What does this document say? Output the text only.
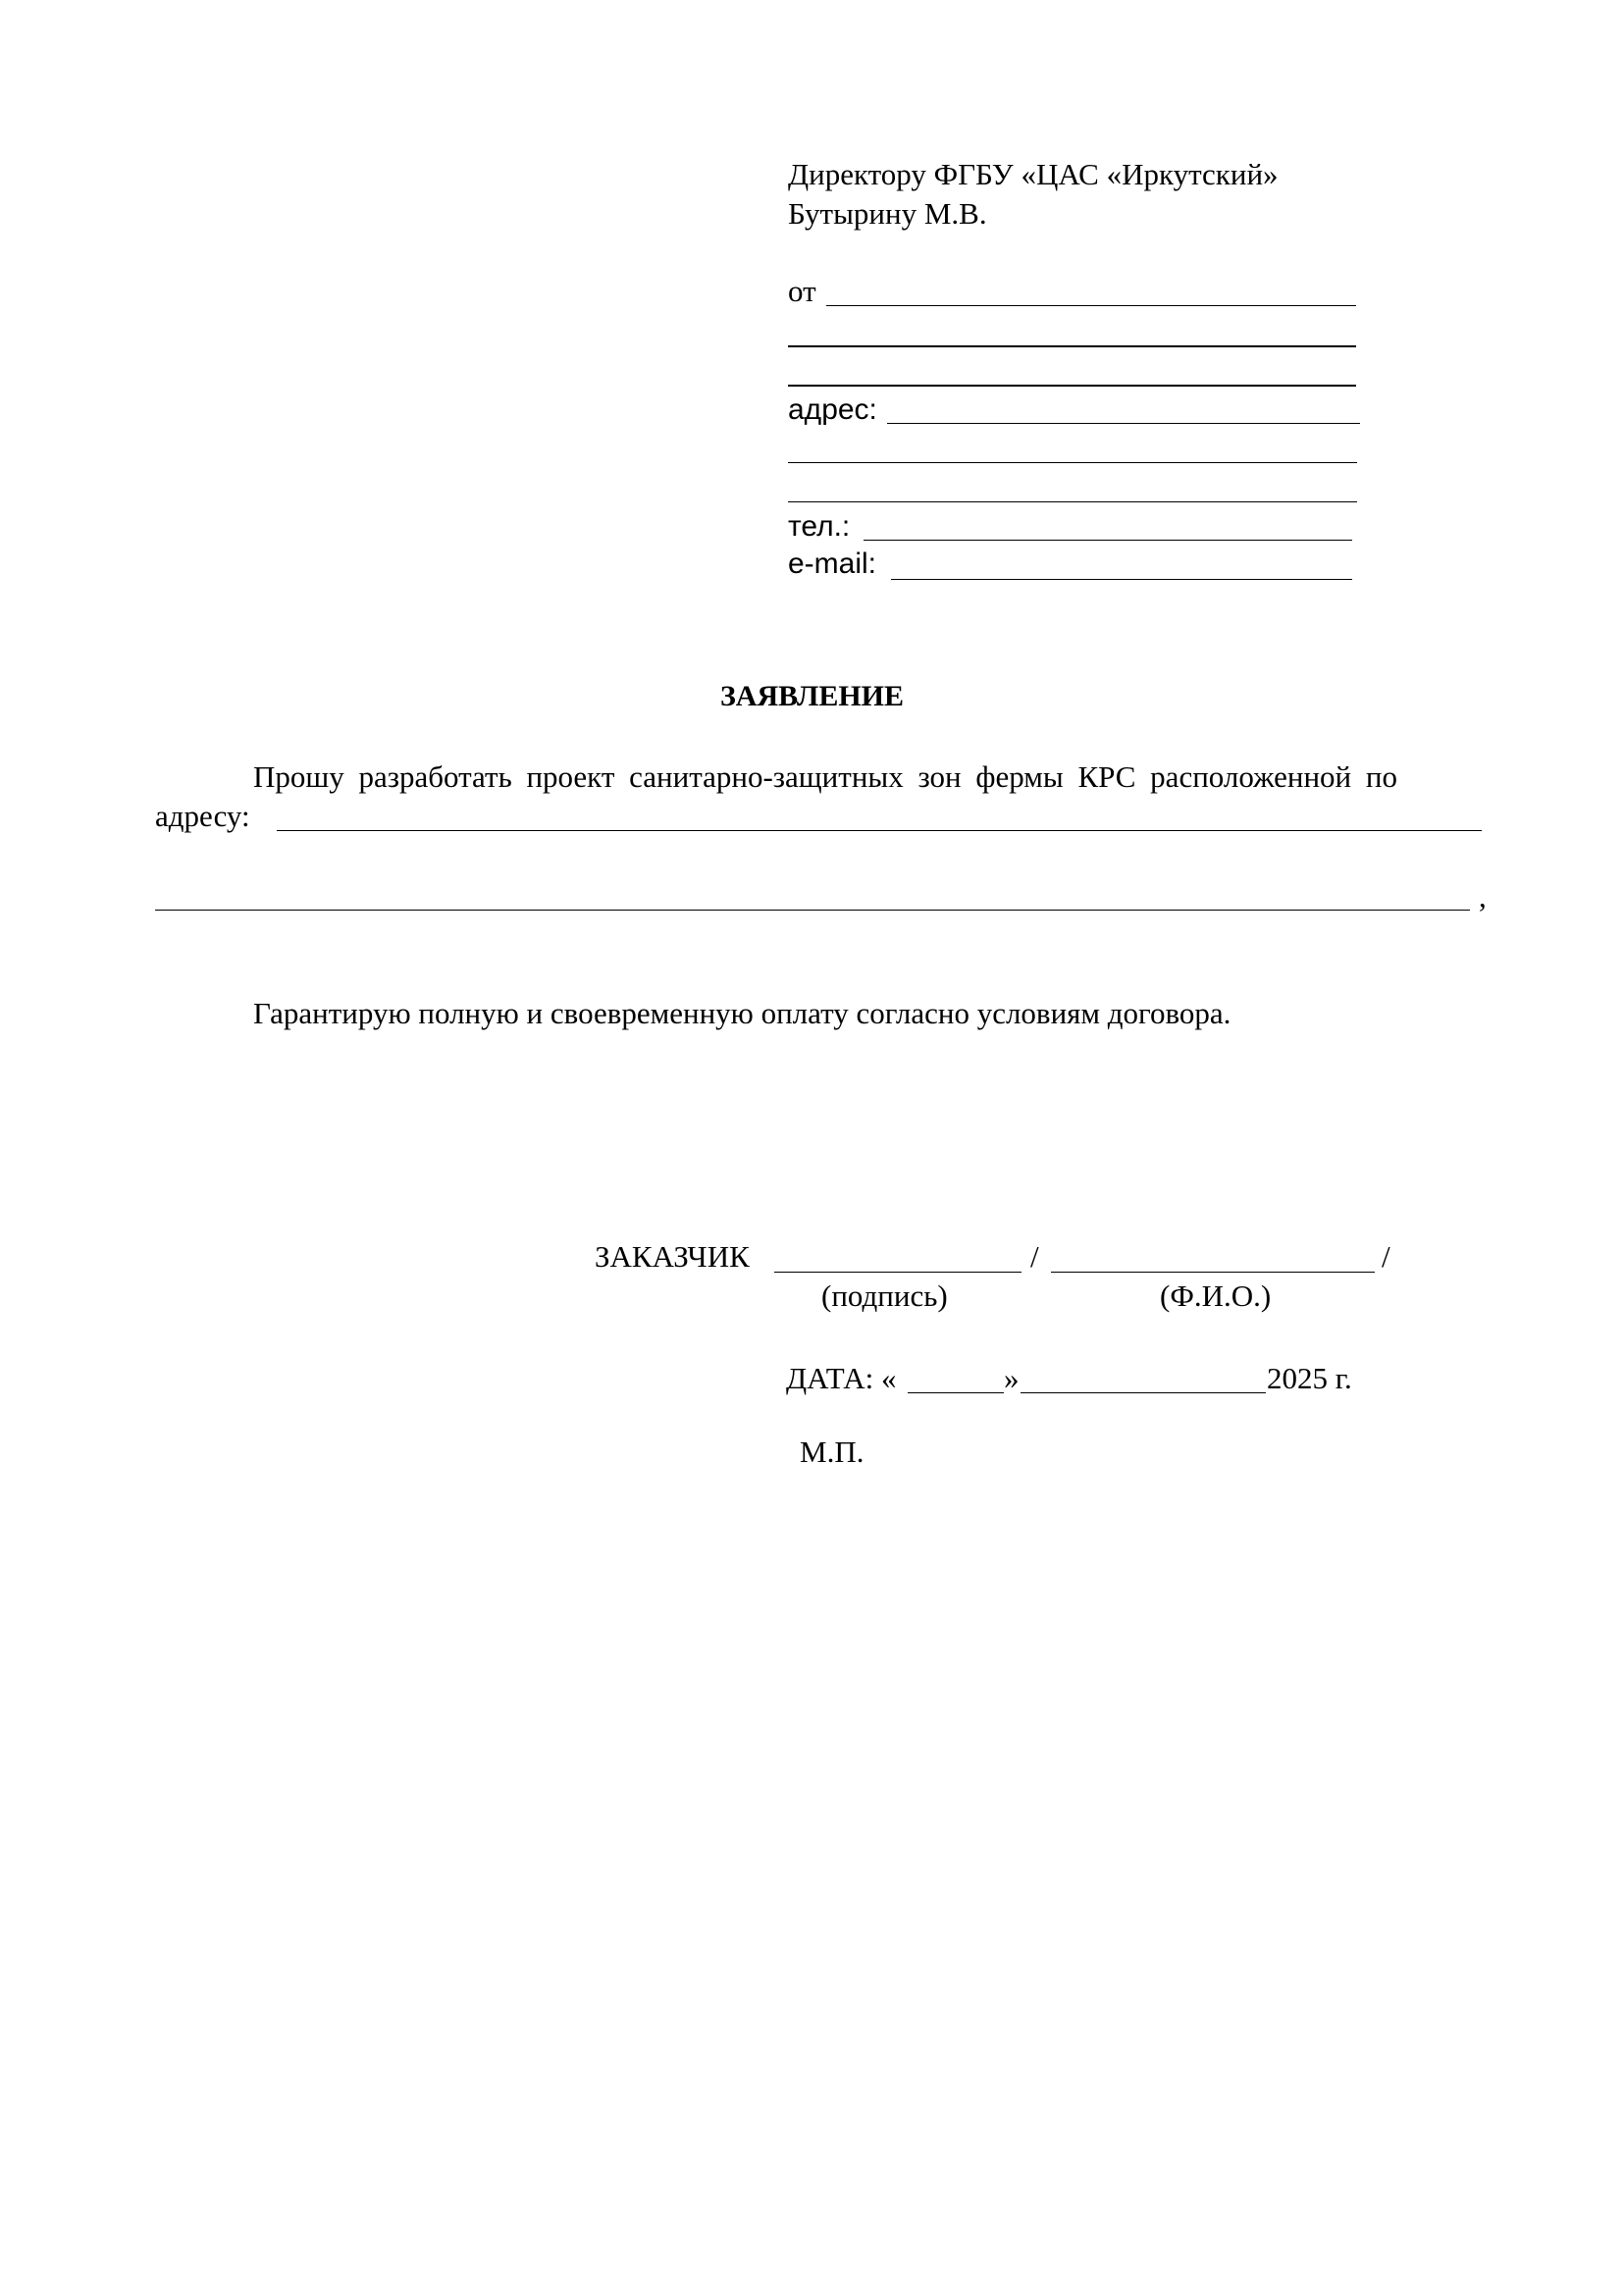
Директору ФГБУ «ЦАС «Иркутский»
Бутырину М.В.
от
адрес:
тел.:
e-mail:
ЗАЯВЛЕНИЕ
Прошу разработать проект санитарно-защитных зон фермы КРС расположенной по
адресу:
,
Гарантирую полную и своевременную оплату согласно условиям договора.
ЗАКАЗЧИК	/	/
(подпись)	(Ф.И.О.)
ДАТА: «	»	2025 г.
М.П.
